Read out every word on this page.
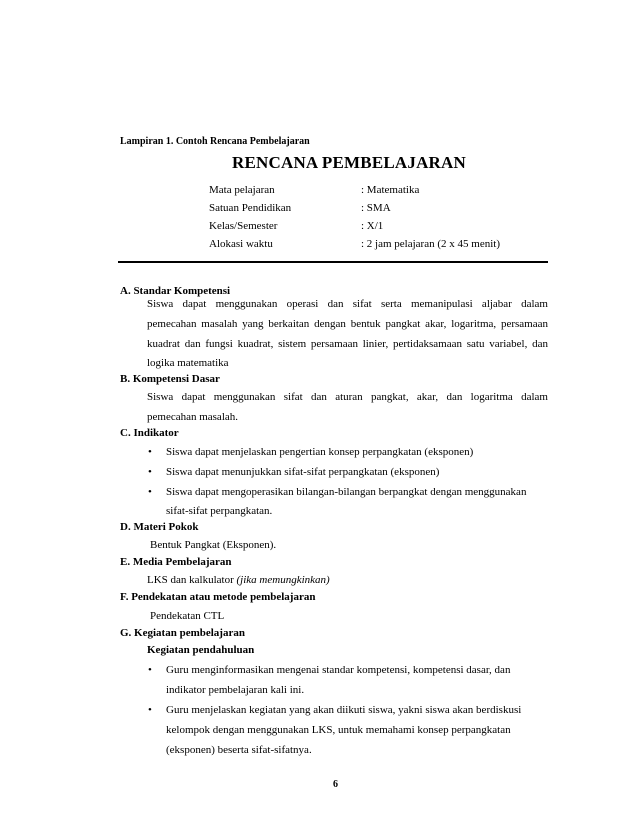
Lampiran 1. Contoh Rencana Pembelajaran
RENCANA PEMBELAJARAN
Mata pelajaran	: Matematika
Satuan Pendidikan	: SMA
Kelas/Semester	: X/1
Alokasi waktu	: 2 jam pelajaran (2 x 45 menit)
A. Standar Kompetensi
Siswa dapat menggunakan operasi dan sifat serta memanipulasi aljabar dalam
pemecahan masalah yang berkaitan dengan bentuk pangkat akar, logaritma, persamaan
kuadrat dan fungsi kuadrat, sistem persamaan linier, pertidaksamaan satu variabel, dan
logika matematika
B. Kompetensi Dasar
Siswa dapat menggunakan sifat dan aturan pangkat, akar, dan logaritma dalam
pemecahan masalah.
C. Indikator
• Siswa dapat menjelaskan pengertian konsep perpangkatan (eksponen)
• Siswa dapat menunjukkan sifat-sifat perpangkatan (eksponen)
• Siswa dapat mengoperasikan bilangan-bilangan berpangkat dengan menggunakan
sifat-sifat perpangkatan.
D. Materi Pokok
Bentuk Pangkat (Eksponen).
E. Media Pembelajaran
LKS dan kalkulator (jika memungkinkan)
F. Pendekatan atau metode pembelajaran
Pendekatan CTL
G. Kegiatan pembelajaran
Kegiatan pendahuluan
• Guru menginformasikan mengenai standar kompetensi, kompetensi dasar, dan
indikator pembelajaran kali ini.
• Guru menjelaskan kegiatan yang akan diikuti siswa, yakni siswa akan berdiskusi
kelompok dengan menggunakan LKS, untuk memahami konsep perpangkatan
(eksponen) beserta sifat-sifatnya.
6
